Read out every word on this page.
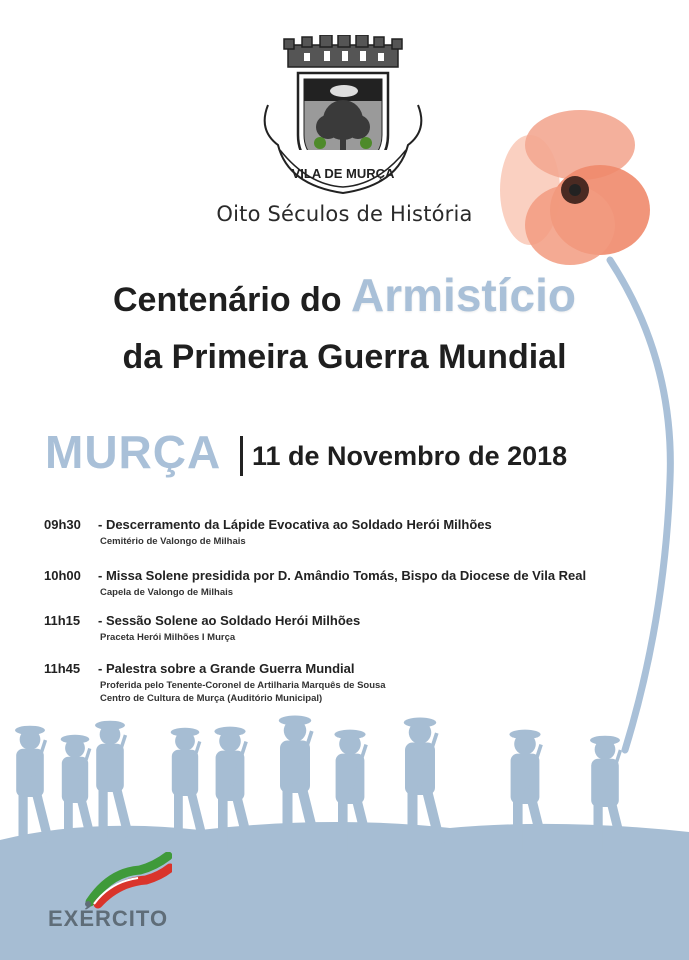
VILA DE MURÇA
Oito Séculos de História
Centenário do Armistício
da Primeira Guerra Mundial
MURÇA 11 de Novembro de 2018
09h30 - Descerramento da Lápide Evocativa ao Soldado Herói Milhões
Cemitério de Valongo de Milhais
10h00 - Missa Solene presidida por D. Amândio Tomás, Bispo da Diocese de Vila Real
Capela de Valongo de Milhais
11h15 - Sessão Solene ao Soldado Herói Milhões
Praceta Herói Milhões I Murça
11h45 - Palestra sobre a Grande Guerra Mundial
Proferida pelo Tenente-Coronel de Artilharia Marquês de Sousa
Centro de Cultura de Murça (Auditório Municipal)
EXÉRCITO
